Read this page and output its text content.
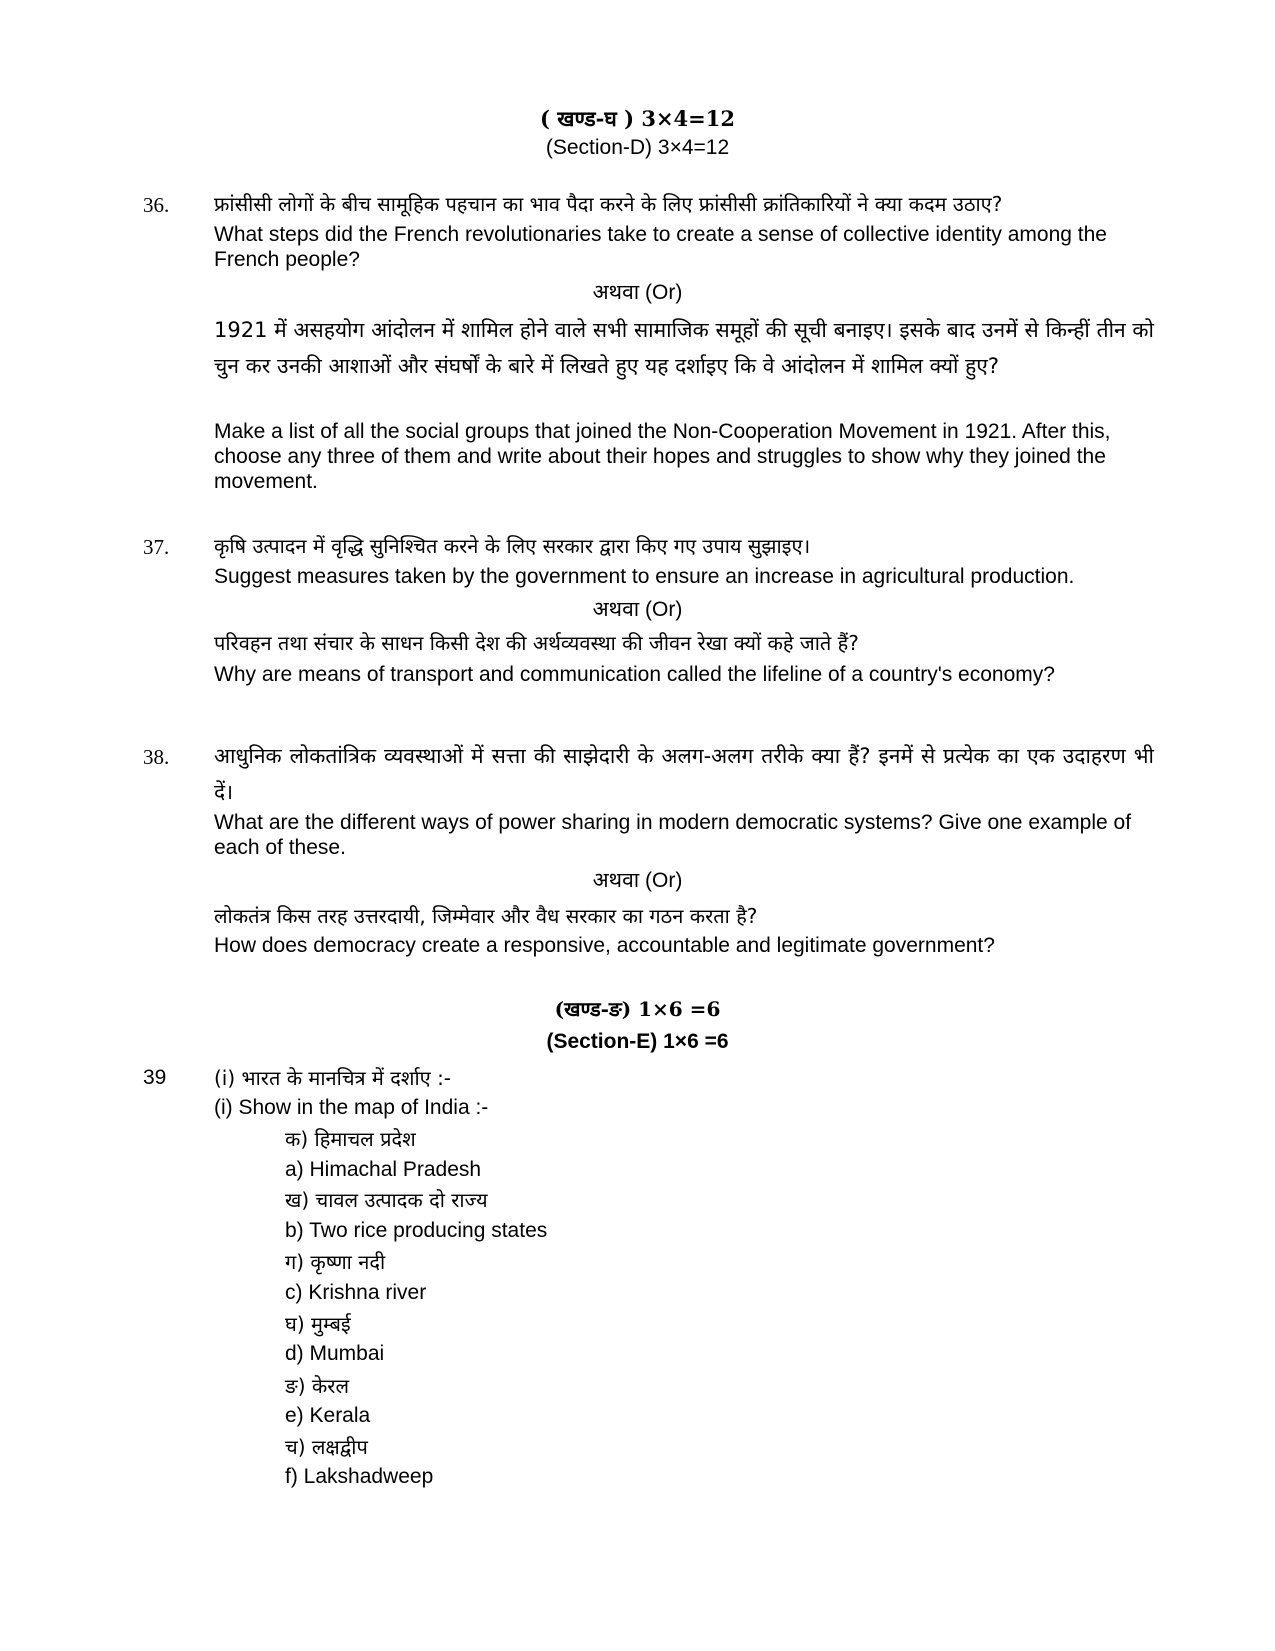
( खण्ड-घ ) 3×4=12
(Section-D) 3×4=12
36. फ्रांसीसी लोगों के बीच सामूहिक पहचान का भाव पैदा करने के लिए फ्रांसीसी क्रांतिकारियों ने क्या कदम उठाए?
What steps did the French revolutionaries take to create a sense of collective identity among the French people?
अथवा (Or)
1921 में असहयोग आंदोलन में शामिल होने वाले सभी सामाजिक समूहों की सूची बनाइए। इसके बाद उनमें से किन्हीं तीन को चुन कर उनकी आशाओं और संघर्षों के बारे में लिखते हुए यह दर्शाइए कि वे आंदोलन में शामिल क्यों हुए?
Make a list of all the social groups that joined the Non-Cooperation Movement in 1921. After this, choose any three of them and write about their hopes and struggles to show why they joined the movement.
37. कृषि उत्पादन में वृद्धि सुनिश्चित करने के लिए सरकार द्वारा किए गए उपाय सुझाइए।
Suggest measures taken by the government to ensure an increase in agricultural production.
अथवा (Or)
परिवहन तथा संचार के साधन किसी देश की अर्थव्यवस्था की जीवन रेखा क्यों कहे जाते हैं?
Why are means of transport and communication called the lifeline of a country's economy?
38. आधुनिक लोकतांत्रिक व्यवस्थाओं में सत्ता की साझेदारी के अलग-अलग तरीके क्या हैं? इनमें से प्रत्येक का एक उदाहरण भी दें।
What are the different ways of power sharing in modern democratic systems? Give one example of each of these.
अथवा (Or)
लोकतंत्र किस तरह उत्तरदायी, जिम्मेवार और वैध सरकार का गठन करता है?
How does democracy create a responsive, accountable and legitimate government?
(खण्ड-ङ) 1×6 =6
(Section-E) 1×6 =6
39 (i) भारत के मानचित्र में दर्शाए :-
(i) Show in the map of India :-
क) हिमाचल प्रदेश
a) Himachal Pradesh
ख) चावल उत्पादक दो राज्य
b) Two rice producing states
ग) कृष्णा नदी
c) Krishna river
घ) मुम्बई
d) Mumbai
ङ) केरल
e) Kerala
च) लक्षद्वीप
f) Lakshadweep
